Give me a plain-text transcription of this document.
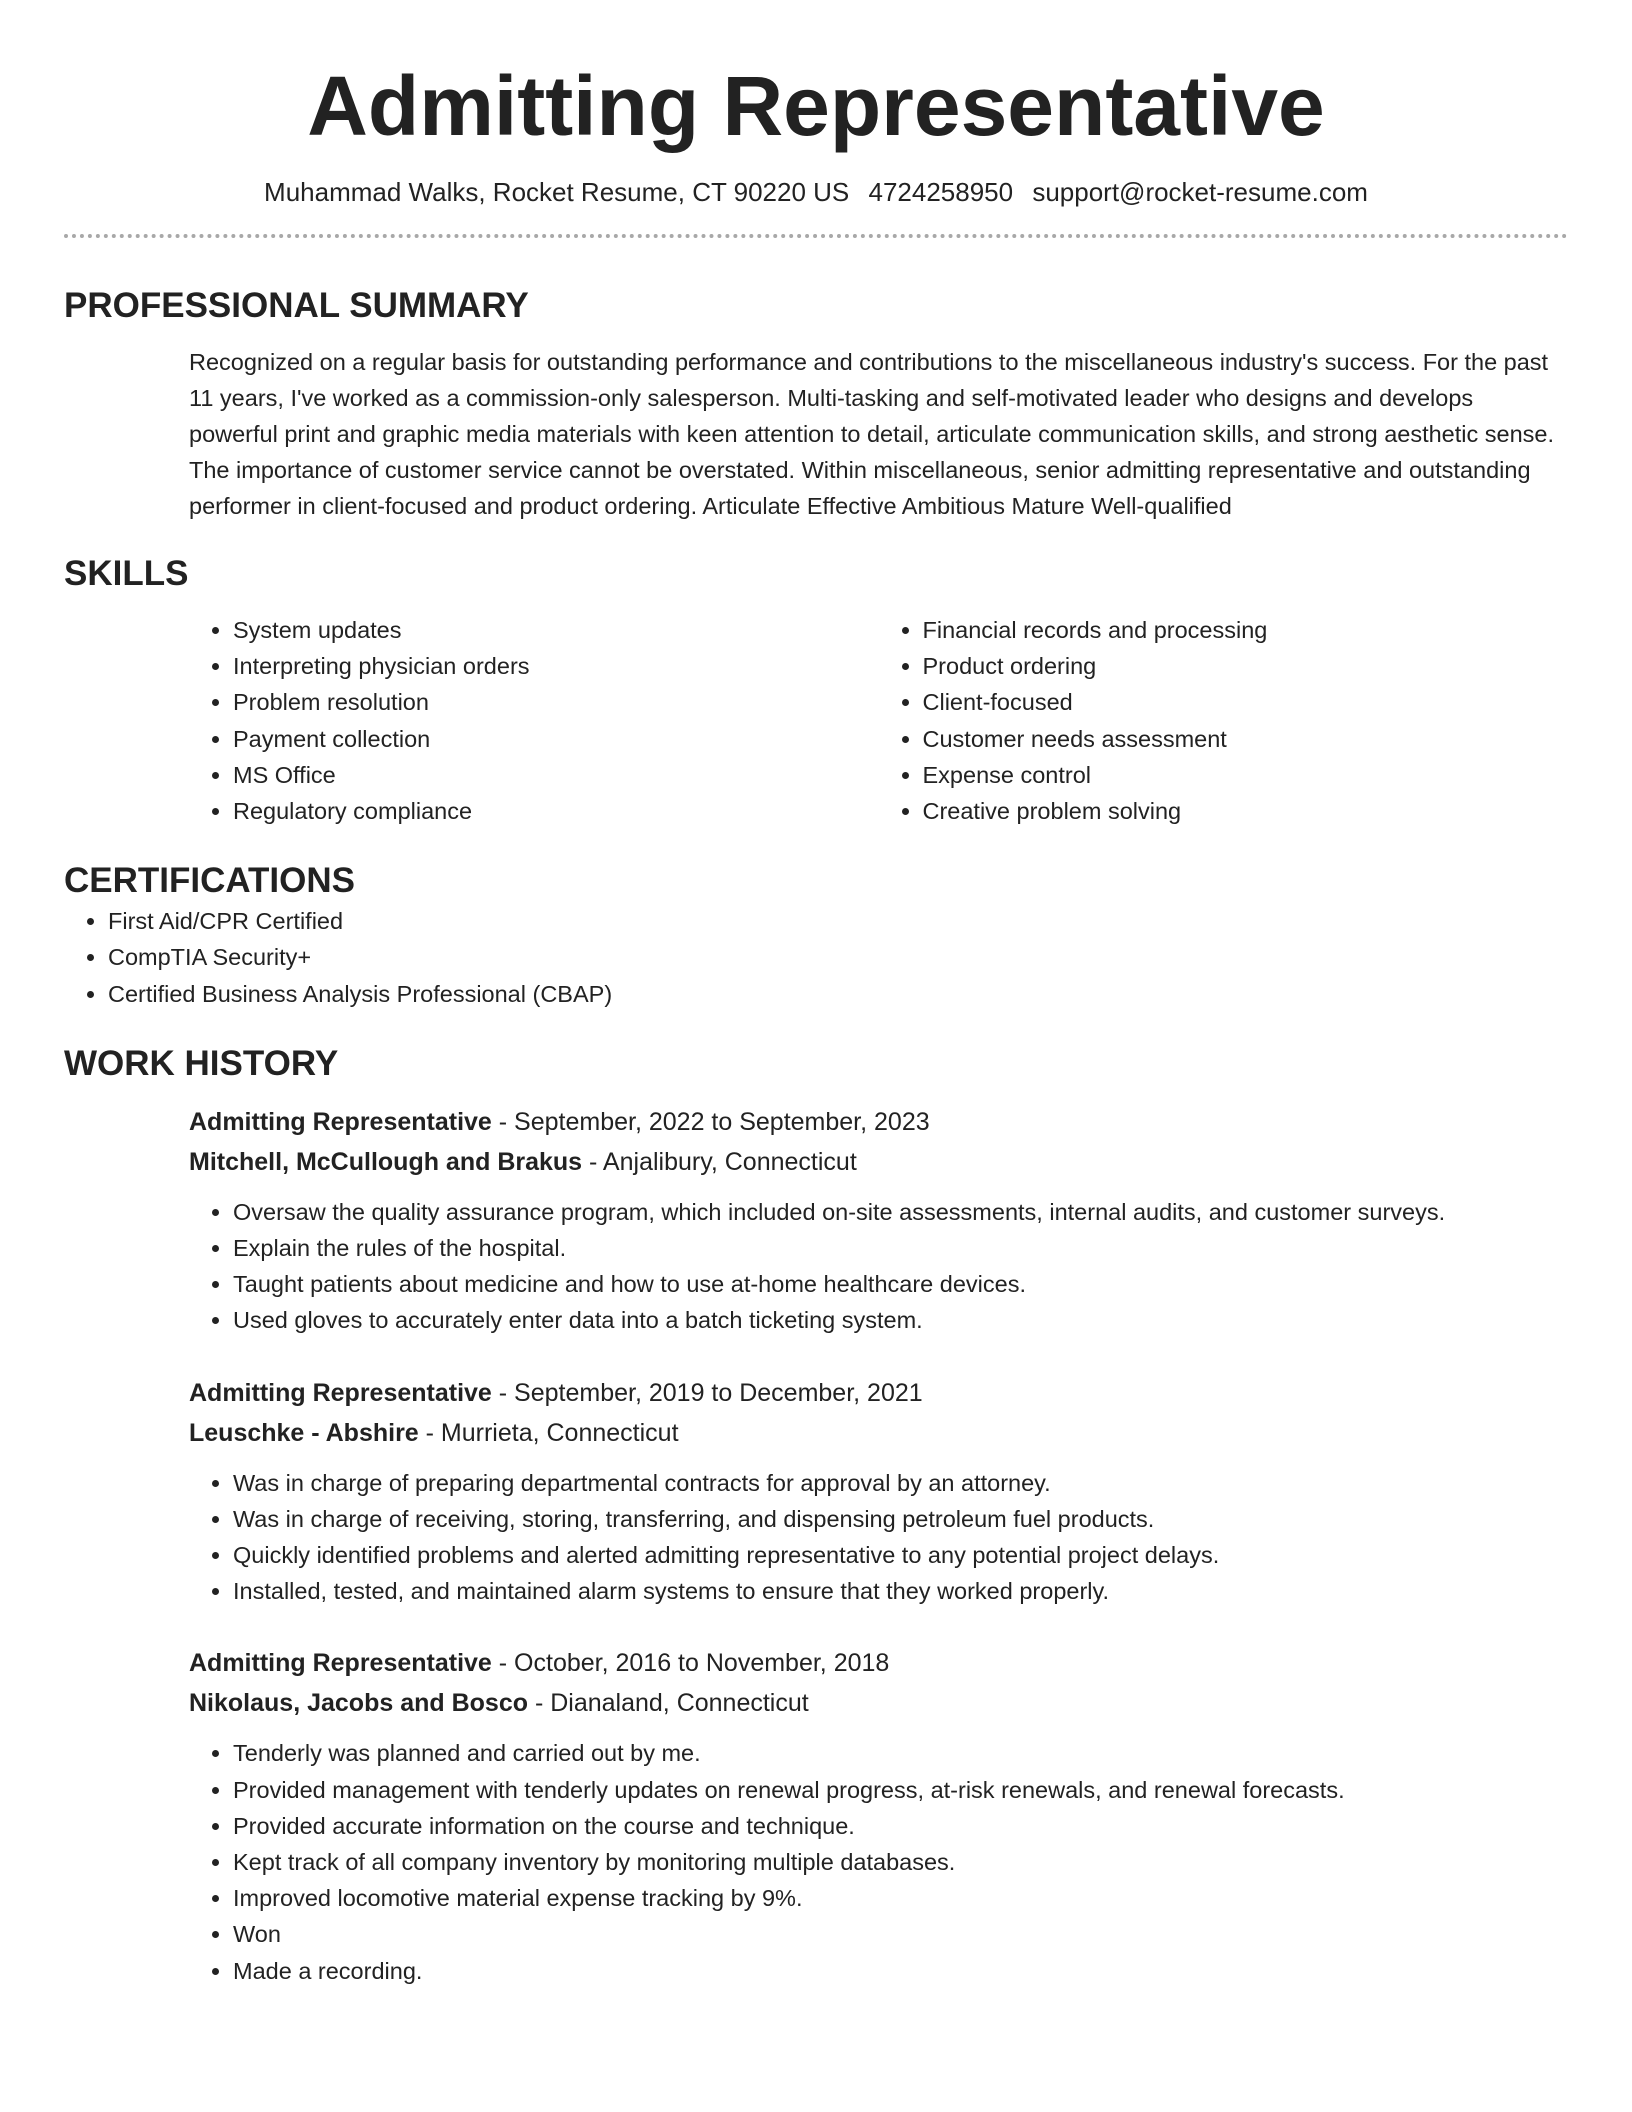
Admitting Representative
Muhammad Walks, Rocket Resume, CT 90220 US 4724258950 support@rocket-resume.com
PROFESSIONAL SUMMARY

Recognized on a regular basis for outstanding performance and contributions to the miscellaneous industry's success. For the past 11 years, I've worked as a commission-only salesperson. Multi-tasking and self-motivated leader who designs and develops powerful print and graphic media materials with keen attention to detail, articulate communication skills, and strong aesthetic sense. The importance of customer service cannot be overstated. Within miscellaneous, senior admitting representative and outstanding performer in client-focused and product ordering. Articulate Effective Ambitious Mature Well-qualified

SKILLS
• System updates
• Interpreting physician orders
• Problem resolution
• Payment collection
• MS Office
• Regulatory compliance
• Financial records and processing
• Product ordering
• Client-focused
• Customer needs assessment
• Expense control
• Creative problem solving
CERTIFICATIONS
• First Aid/CPR Certified
• CompTIA Security+
• Certified Business Analysis Professional (CBAP)
WORK HISTORY
Admitting Representative - September, 2022 to September, 2023
Mitchell, McCullough and Brakus - Anjalibury, Connecticut
• Oversaw the quality assurance program, which included on-site assessments, internal audits, and customer surveys.
• Explain the rules of the hospital.
• Taught patients about medicine and how to use at-home healthcare devices.
• Used gloves to accurately enter data into a batch ticketing system.
Admitting Representative - September, 2019 to December, 2021
Leuschke - Abshire - Murrieta, Connecticut
• Was in charge of preparing departmental contracts for approval by an attorney.
• Was in charge of receiving, storing, transferring, and dispensing petroleum fuel products.
• Quickly identified problems and alerted admitting representative to any potential project delays.
• Installed, tested, and maintained alarm systems to ensure that they worked properly.
Admitting Representative - October, 2016 to November, 2018
Nikolaus, Jacobs and Bosco - Dianaland, Connecticut
• Tenderly was planned and carried out by me.
• Provided management with tenderly updates on renewal progress, at-risk renewals, and renewal forecasts.
• Provided accurate information on the course and technique.
• Kept track of all company inventory by monitoring multiple databases.
• Improved locomotive material expense tracking by 9%.
• Won
• Made a recording.
